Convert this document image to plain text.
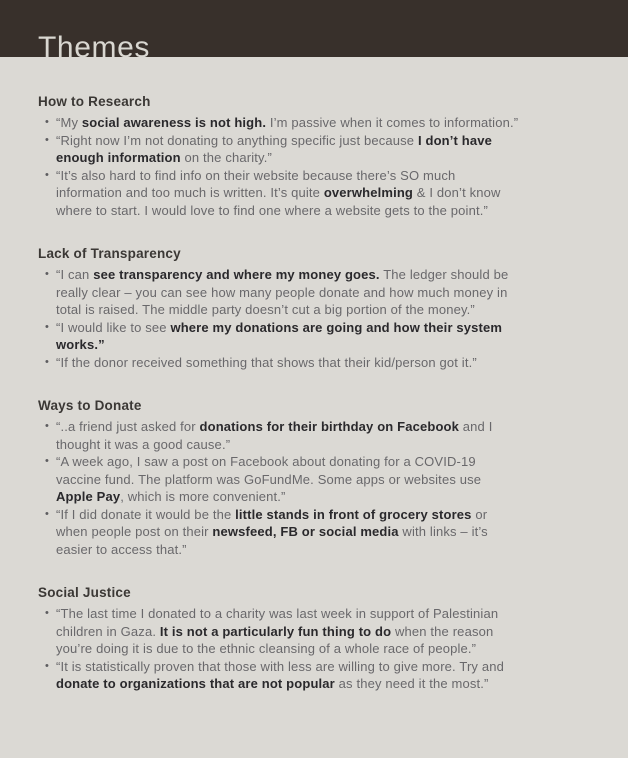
Themes
How to Research
• “My social awareness is not high. I’m passive when it comes to information.”
• “Right now I’m not donating to anything specific just because I don’t have enough information on the charity.”
• “It’s also hard to find info on their website because there’s SO much information and too much is written. It’s quite overwhelming & I don’t know where to start. I would love to find one where a website gets to the point.”
Lack of Transparency
• “I can see transparency and where my money goes. The ledger should be really clear – you can see how many people donate and how much money in total is raised. The middle party doesn’t cut a big portion of the money.”
• “I would like to see where my donations are going and how their system works.”
• “If the donor received something that shows that their kid/person got it.”
Ways to Donate
• “..a friend just asked for donations for their birthday on Facebook and I thought it was a good cause.”
• “A week ago, I saw a post on Facebook about donating for a COVID-19 vaccine fund. The platform was GoFundMe. Some apps or websites use Apple Pay, which is more convenient.”
• “If I did donate it would be the little stands in front of grocery stores or when people post on their newsfeed, FB or social media with links – it’s easier to access that.”
Social Justice
• “The last time I donated to a charity was last week in support of Palestinian children in Gaza. It is not a particularly fun thing to do when the reason you’re doing it is due to the ethnic cleansing of a whole race of people.”
• “It is statistically proven that those with less are willing to give more. Try and donate to organizations that are not popular as they need it the most.”
